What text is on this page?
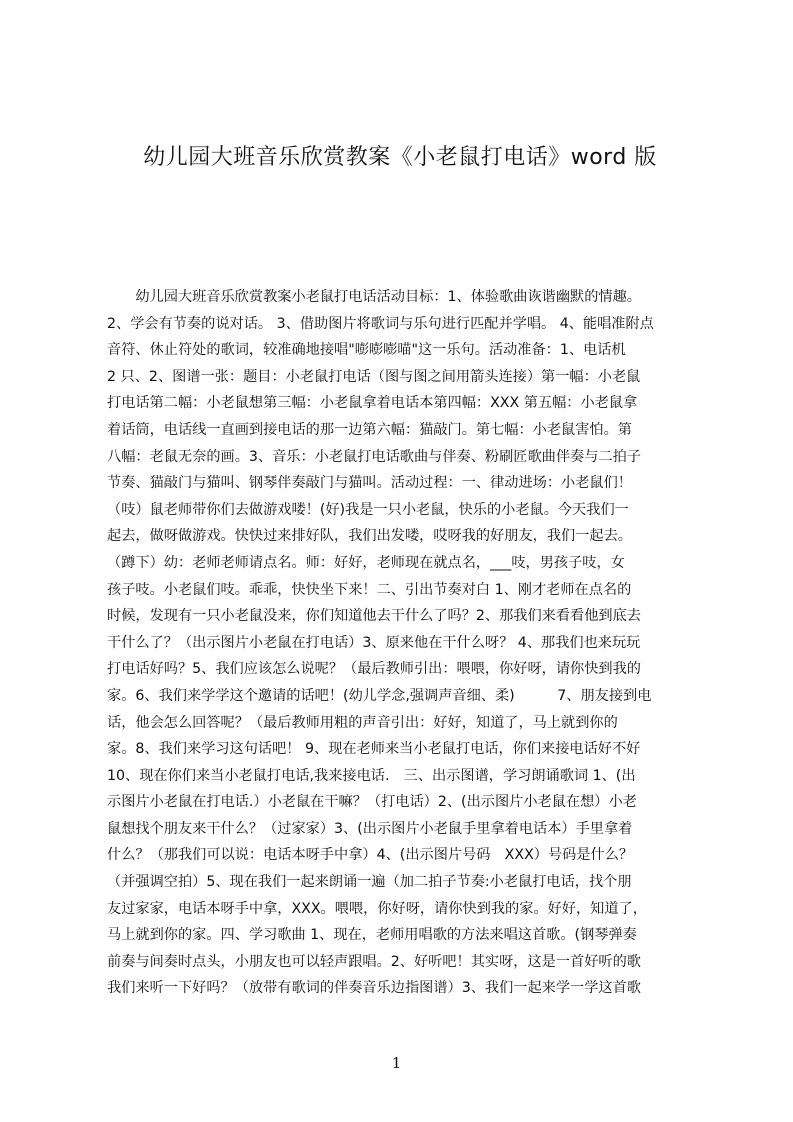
幼儿园大班音乐欣赏教案《小老鼠打电话》word 版
　　幼儿园大班音乐欣赏教案小老鼠打电话活动目标：1、体验歌曲诙谐幽默的情趣。
2、学会有节奏的说对话。 3、借助图片将歌词与乐句进行匹配并学唱。 4、能唱准附点
音符、休止符处的歌词，较准确地接唱"嘭嘭嘭喵"这一乐句。活动准备：1、电话机
2 只、2、图谱一张：题目：小老鼠打电话（图与图之间用箭头连接）第一幅：小老鼠
打电话第二幅：小老鼠想第三幅：小老鼠拿着电话本第四幅：XXX 第五幅：小老鼠拿
着话筒，电话线一直画到接电话的那一边第六幅：猫敲门。第七幅：小老鼠害怕。第
八幅：老鼠无奈的画。3、音乐：小老鼠打电话歌曲与伴奏、粉刷匠歌曲伴奏与二拍子
节奏、猫敲门与猫叫、钢琴伴奏敲门与猫叫。活动过程：一、律动进场：小老鼠们！
（吱）鼠老师带你们去做游戏喽！(好)我是一只小老鼠，快乐的小老鼠。今天我们一
起去，做呀做游戏。快快过来排好队，我们出发喽，哎呀我的好朋友，我们一起去。
（蹲下）幼：老师老师请点名。师：好好，老师现在就点名，___吱，男孩子吱，女
孩子吱。小老鼠们吱。乖乖，快快坐下来！二、引出节奏对白 1、刚才老师在点名的
时候，发现有一只小老鼠没来，你们知道他去干什么了吗？2、那我们来看看他到底去
干什么了？（出示图片小老鼠在打电话）3、原来他在干什么呀？ 4、那我们也来玩玩
打电话好吗？5、我们应该怎么说呢？（最后教师引出：喂喂，你好呀，请你快到我的
家。6、我们来学学这个邀请的话吧！(幼儿学念,强调声音细、柔)　　　7、朋友接到电
话，他会怎么回答呢？（最后教师用粗的声音引出：好好，知道了，马上就到你的
家。8、我们来学习这句话吧！ 9、现在老师来当小老鼠打电话，你们来接电话好不好
10、现在你们来当小老鼠打电话,我来接电话.　三、出示图谱，学习朗诵歌词 1、(出
示图片小老鼠在打电话.）小老鼠在干嘛？（打电话）2、(出示图片小老鼠在想）小老
鼠想找个朋友来干什么？（过家家）3、(出示图片小老鼠手里拿着电话本）手里拿着
什么？（那我们可以说：电话本呀手中拿）4、(出示图片号码　XXX）号码是什么？
（并强调空拍）5、现在我们一起来朗诵一遍（加二拍子节奏:小老鼠打电话，找个朋
友过家家，电话本呀手中拿，XXX。喂喂，你好呀，请你快到我的家。好好，知道了，
马上就到你的家。四、学习歌曲 1、现在，老师用唱歌的方法来唱这首歌。(钢琴弹奏
前奏与间奏时点头，小朋友也可以轻声跟唱。2、好听吧！其实呀，这是一首好听的歌
我们来听一下好吗？（放带有歌词的伴奏音乐边指图谱）3、我们一起来学一学这首歌
1
